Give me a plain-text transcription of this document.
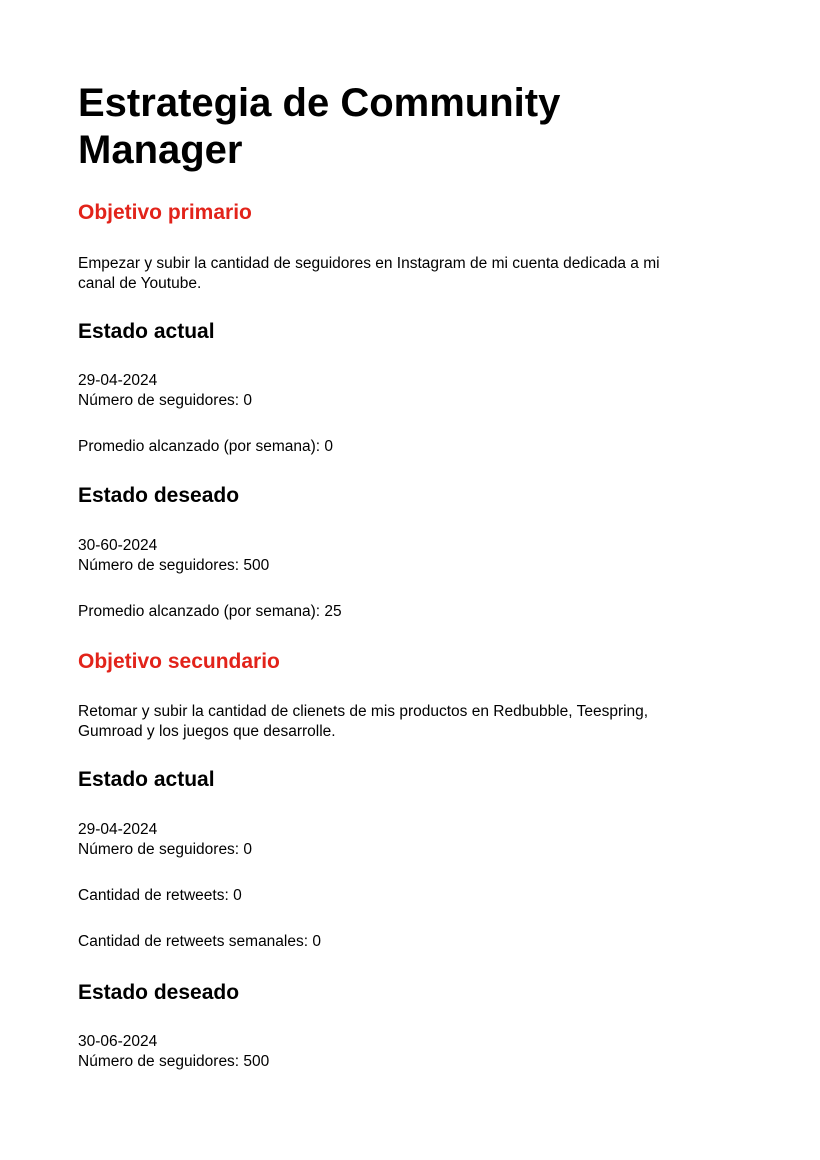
Estrategia de Community
Manager
Objetivo primario

Empezar y subir la cantidad de seguidores en Instagram de mi cuenta dedicada a mi

canal de Youtube.

Estado actual

29-04-2024

Número de seguidores: 0

Promedio alcanzado (por semana): 0

Estado deseado

30-60-2024

Número de seguidores: 500

Promedio alcanzado (por semana): 25

Objetivo secundario

Retomar y subir la cantidad de clienets de mis productos en Redbubble, Teespring,

Gumroad y los juegos que desarrolle.

Estado actual

29-04-2024

Número de seguidores: 0

Cantidad de retweets: 0

Cantidad de retweets semanales: 0

Estado deseado

30-06-2024

Número de seguidores: 500
